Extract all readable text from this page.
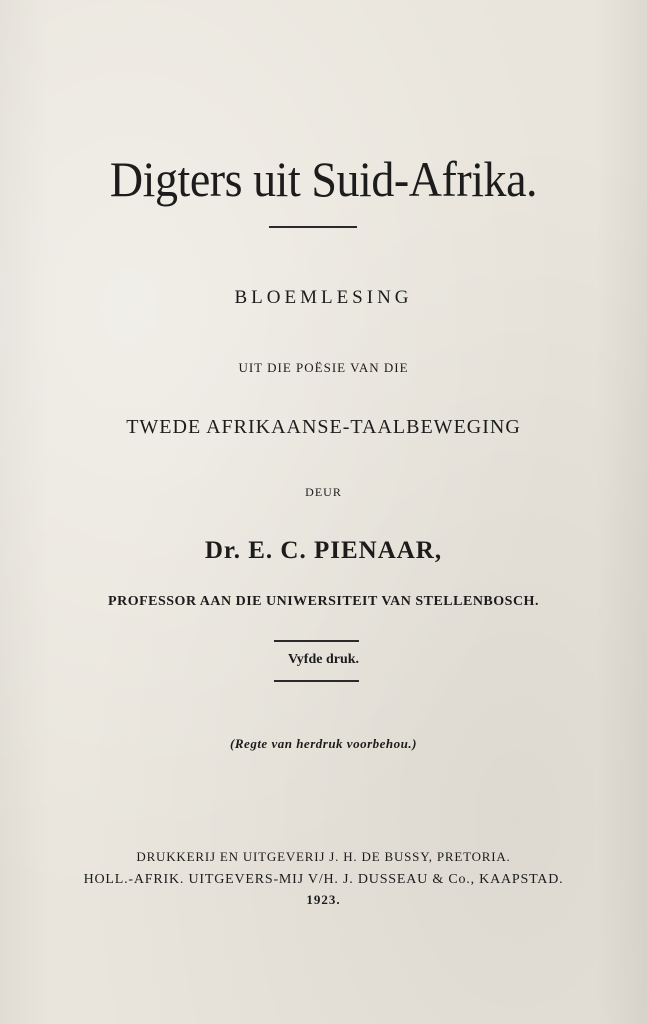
Digters uit Suid-Afrika.
BLOEMLESING
UIT DIE POËSIE VAN DIE
TWEDE AFRIKAANSE-TAALBEWEGING
DEUR
Dr. E. C. PIENAAR,
PROFESSOR AAN DIE UNIWERSITEIT VAN STELLENBOSCH.
Vyfde druk.
(Regte van herdruk voorbehou.)
DRUKKERIJ EN UITGEVERIJ J. H. DE BUSSY, PRETORIA.
HOLL.-AFRIK. UITGEVERS-MIJ V/H. J. DUSSEAU & Co., KAAPSTAD.
1923.
